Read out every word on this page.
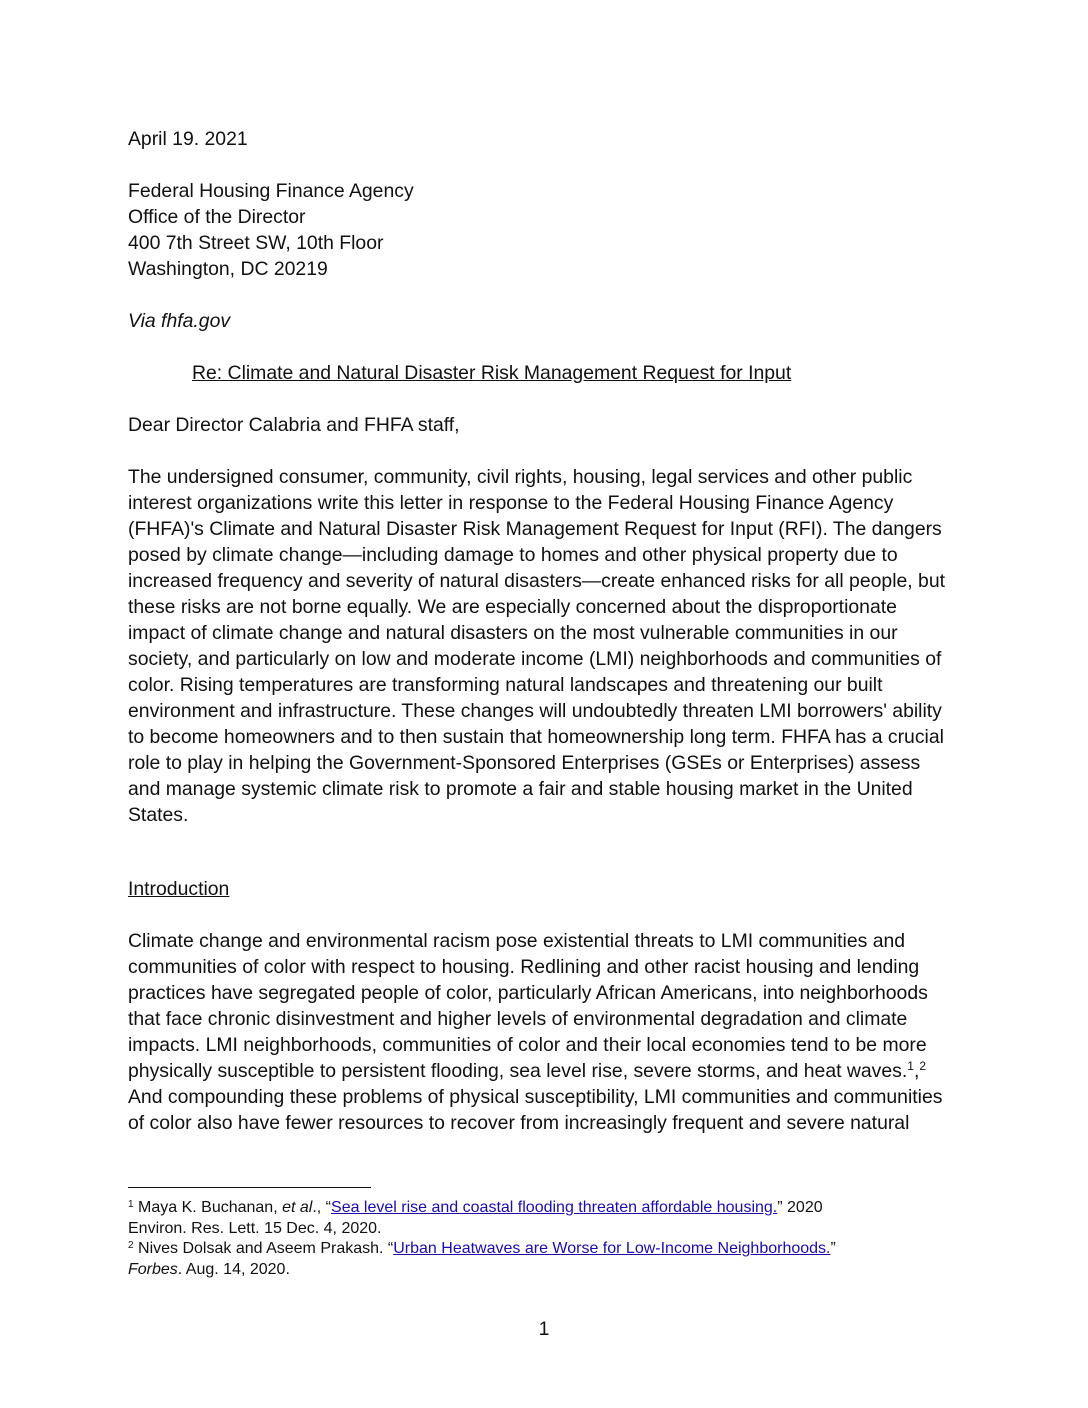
April 19. 2021
Federal Housing Finance Agency
Office of the Director
400 7th Street SW, 10th Floor
Washington, DC 20219
Via fhfa.gov
Re: Climate and Natural Disaster Risk Management Request for Input
Dear Director Calabria and FHFA staff,
The undersigned consumer, community, civil rights, housing, legal services and other public
interest organizations write this letter in response to the Federal Housing Finance Agency
(FHFA)'s Climate and Natural Disaster Risk Management Request for Input (RFI). The dangers
posed by climate change—including damage to homes and other physical property due to
increased frequency and severity of natural disasters—create enhanced risks for all people, but
these risks are not borne equally. We are especially concerned about the disproportionate
impact of climate change and natural disasters on the most vulnerable communities in our
society, and particularly on low and moderate income (LMI) neighborhoods and communities of
color. Rising temperatures are transforming natural landscapes and threatening our built
environment and infrastructure. These changes will undoubtedly threaten LMI borrowers' ability
to become homeowners and to then sustain that homeownership long term. FHFA has a crucial
role to play in helping the Government-Sponsored Enterprises (GSEs or Enterprises) assess
and manage systemic climate risk to promote a fair and stable housing market in the United
States.
Introduction
Climate change and environmental racism pose existential threats to LMI communities and
communities of color with respect to housing. Redlining and other racist housing and lending
practices have segregated people of color, particularly African Americans, into neighborhoods
that face chronic disinvestment and higher levels of environmental degradation and climate
impacts. LMI neighborhoods, communities of color and their local economies tend to be more
physically susceptible to persistent flooding, sea level rise, severe storms, and heat waves.$^1$,$^2$
And compounding these problems of physical susceptibility, LMI communities and communities
of color also have fewer resources to recover from increasingly frequent and severe natural
$^1$ Maya K. Buchanan, et al., “Sea level rise and coastal flooding threaten affordable housing.” 2020
Environ. Res. Lett. 15 Dec. 4, 2020.
$^2$ Nives Dolsak and Aseem Prakash. “Urban Heatwaves are Worse for Low-Income Neighborhoods.”
Forbes. Aug. 14, 2020.
1
